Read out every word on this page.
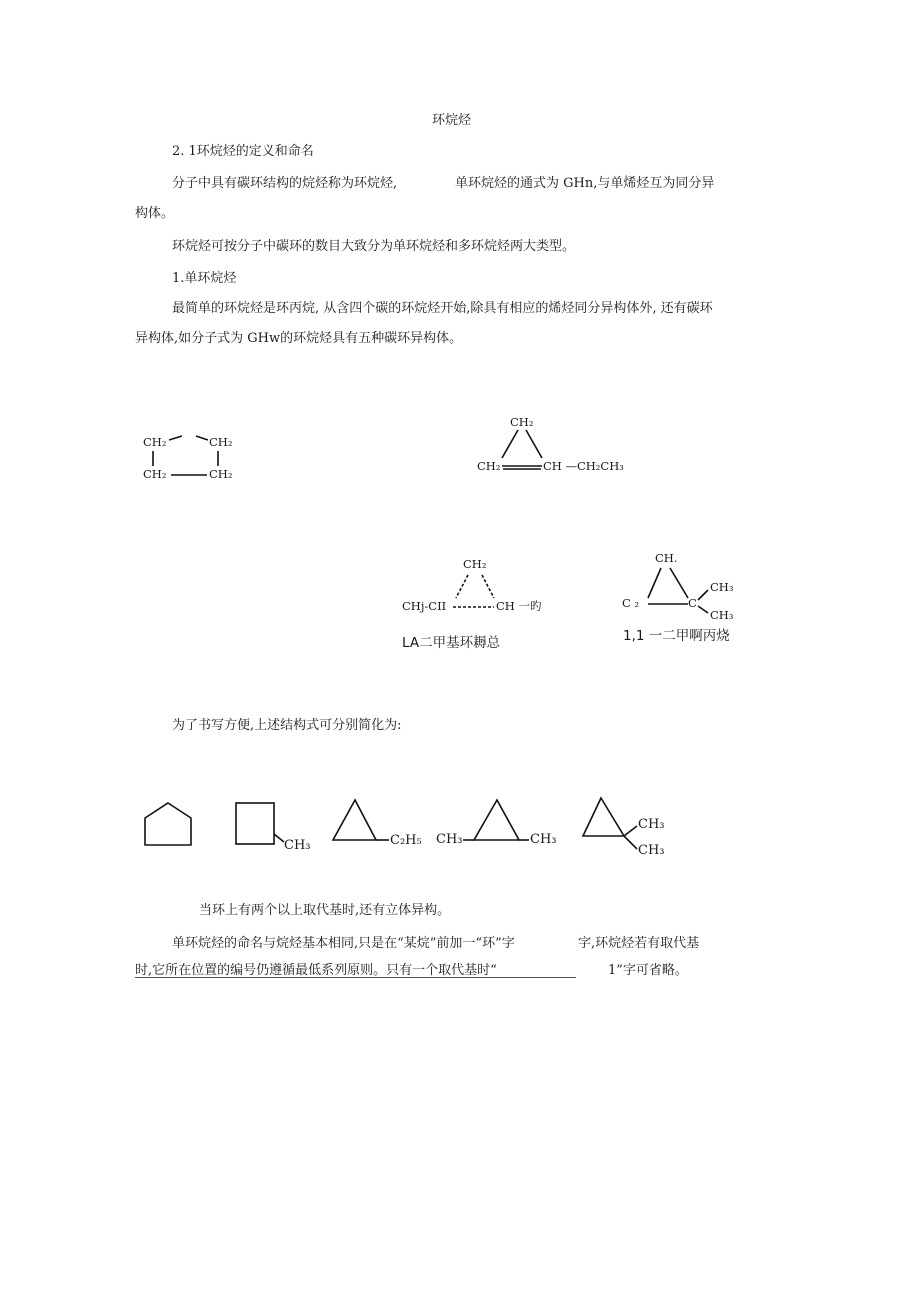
环烷烃
2. 1环烷烃的定义和命名
分子中具有碳环结构的烷烃称为环烷烃,	单环烷烃的通式为 GHn,与单烯烃互为同分异
构体。
环烷烃可按分子中碳环的数目大致分为单环烷烃和多环烷烃两大类型。
1.单环烷烃
最简单的环烷烃是环丙烷, 从含四个碳的环烷烃开始,除具有相应的烯烃同分异构体外, 还有碳环
异构体,如分子式为 GHw的环烷烃具有五种碳环异构体。
CH₂	CH₂
CH₂	CH₂
CH₂
CH₂	CH —CH₂CH₃
CH₂
CHj-CII	CH 一旳
LA二甲基环耨总
CH.
C ₂	C
CH₃
CH₃
1,1 一二甲啊丙烧
为了书写方便,上述结构式可分别简化为:
CH₃	C₂H₅ CH₃	CH₃
CH₃
CH₃
当环上有两个以上取代基时,还有立体异构。
单环烷烃的命名与烷烃基本相同,只是在“某烷”前加一“环”字	字,环烷烃若有取代基
时,它所在位置的编号仍遵循最低系列原则。只有一个取代基时“	1”字可省略。
